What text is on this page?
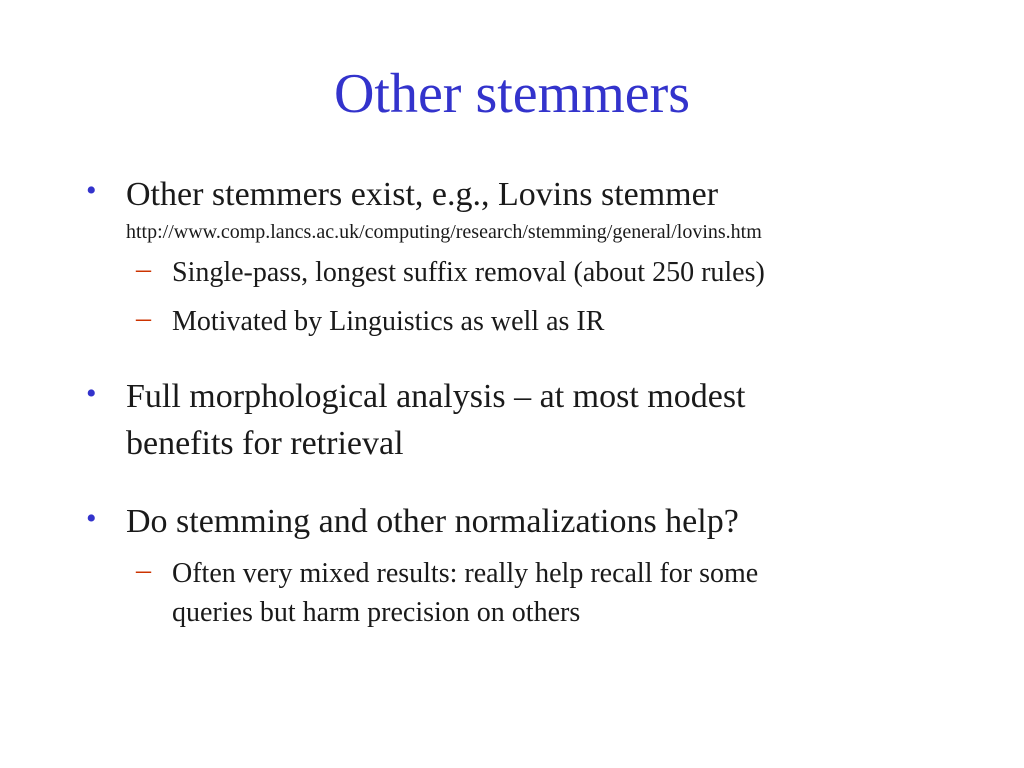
Other stemmers
• Other stemmers exist, e.g., Lovins stemmer
http://www.comp.lancs.ac.uk/computing/research/stemming/general/lovins.htm
– Single-pass, longest suffix removal (about 250 rules)
– Motivated by Linguistics as well as IR
• Full morphological analysis – at most modest
benefits for retrieval
• Do stemming and other normalizations help?
– Often very mixed results: really help recall for some
queries but harm precision on others
